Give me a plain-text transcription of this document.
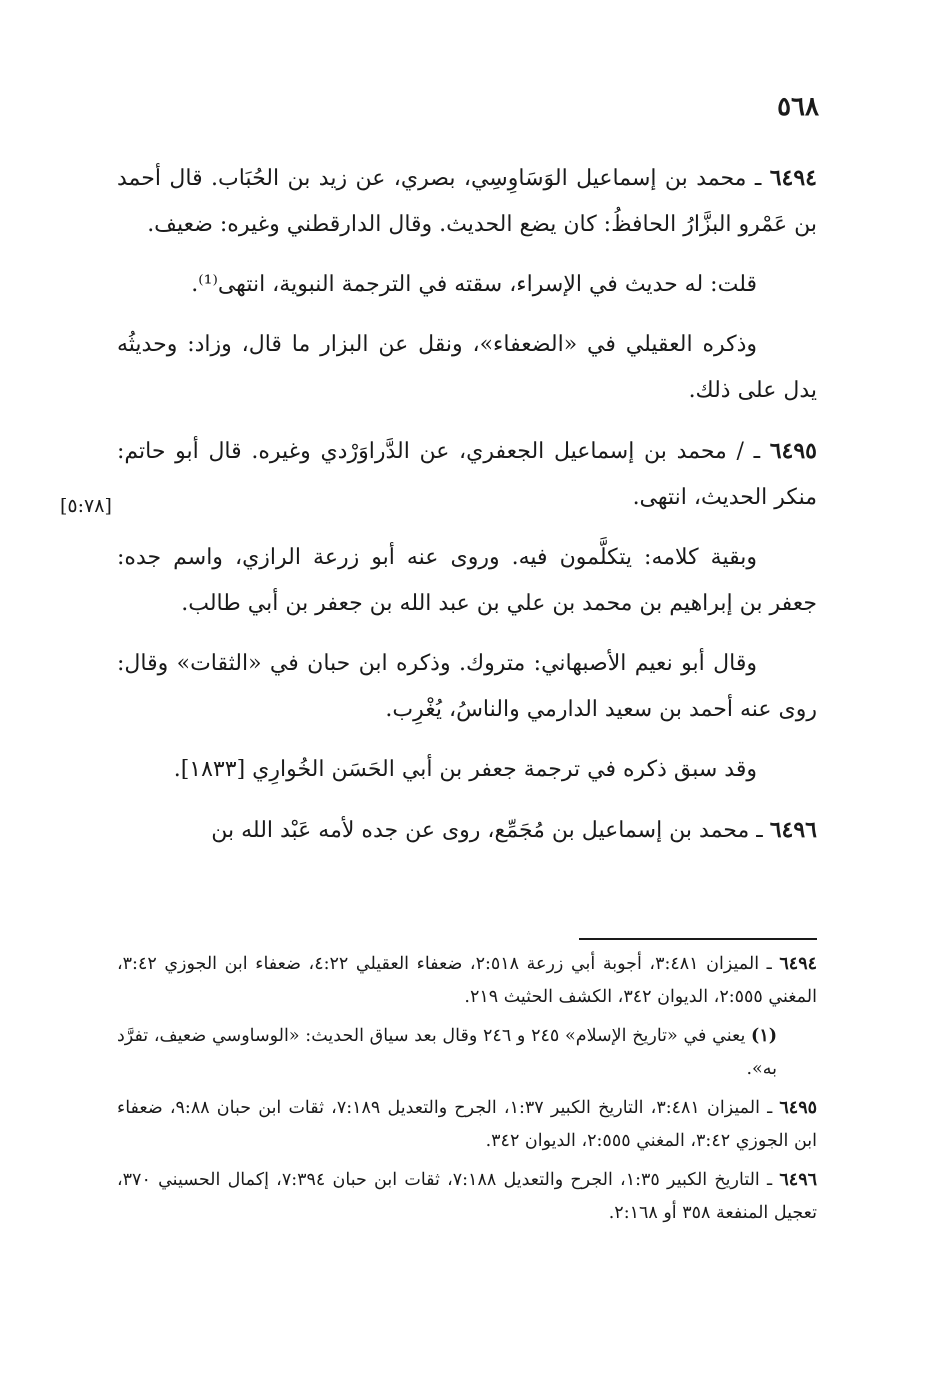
٥٦٨
[٥:٧٨]

٦٤٩٤ ـ محمد بن إسماعيل الوَسَاوِسِي، بصري، عن زيد بن الحُبَاب. قال أحمد بن عَمْرو البزَّارُ الحافظُ: كان يضع الحديث. وقال الدارقطني وغيره: ضعيف.

قلت: له حديث في الإسراء، سقته في الترجمة النبوية، انتهى⁽¹⁾.

وذكره العقيلي في «الضعفاء»، ونقل عن البزار ما قال، وزاد: وحديثُه يدل على ذلك.

٦٤٩٥ ـ / محمد بن إسماعيل الجعفري، عن الدَّراوَرْدي وغيره. قال أبو حاتم: منكر الحديث، انتهى.

وبقية كلامه: يتكلَّمون فيه. وروى عنه أبو زرعة الرازي، واسم جده: جعفر بن إبراهيم بن محمد بن علي بن عبد الله بن جعفر بن أبي طالب.

وقال أبو نعيم الأصبهاني: متروك. وذكره ابن حبان في «الثقات» وقال: روى عنه أحمد بن سعيد الدارمي والناسُ، يُغْرِب.

وقد سبق ذكره في ترجمة جعفر بن أبي الحَسَن الخُوارِي [١٨٣٣].

٦٤٩٦ ـ محمد بن إسماعيل بن مُجَمِّع، روى عن جده لأمه عَبْد الله بن

٦٤٩٤ ـ الميزان ٣:٤٨١، أجوبة أبي زرعة ٢:٥١٨، ضعفاء العقيلي ٤:٢٢، ضعفاء ابن الجوزي ٣:٤٢، المغني ٢:٥٥٥، الديوان ٣٤٢، الكشف الحثيث ٢١٩.

(١) يعني في «تاريخ الإسلام» ٢٤٥ و ٢٤٦ وقال بعد سياق الحديث: «الوساوسي ضعيف، تفرَّد به».

٦٤٩٥ ـ الميزان ٣:٤٨١، التاريخ الكبير ١:٣٧، الجرح والتعديل ٧:١٨٩، ثقات ابن حبان ٩:٨٨، ضعفاء ابن الجوزي ٣:٤٢، المغني ٢:٥٥٥، الديوان ٣٤٢.

٦٤٩٦ ـ التاريخ الكبير ١:٣٥، الجرح والتعديل ٧:١٨٨، ثقات ابن حبان ٧:٣٩٤، إكمال الحسيني ٣٧٠، تعجيل المنفعة ٣٥٨ أو ٢:١٦٨.
